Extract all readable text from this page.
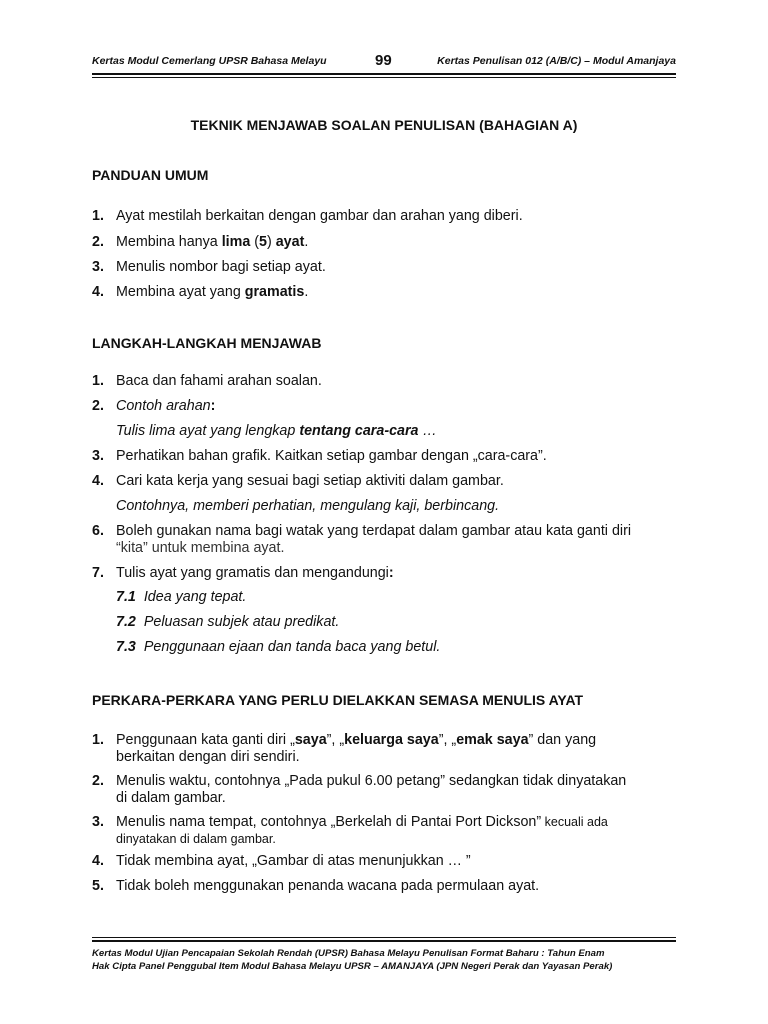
Kertas Modul Cemerlang UPSR Bahasa Melayu	99	Kertas Penulisan 012 (A/B/C) – Modul Amanjaya
TEKNIK MENJAWAB SOALAN PENULISAN (BAHAGIAN A)
PANDUAN UMUM
1. Ayat mestilah berkaitan dengan gambar dan arahan yang diberi.
2. Membina hanya lima (5) ayat.
3. Menulis nombor bagi setiap ayat.
4. Membina ayat yang gramatis.
LANGKAH-LANGKAH MENJAWAB
1. Baca dan fahami arahan soalan.
2. Contoh arahan:
Tulis lima ayat yang lengkap tentang cara-cara …
3. Perhatikan bahan grafik. Kaitkan setiap gambar dengan „cara-cara”.
4. Cari kata kerja yang sesuai bagi setiap aktiviti dalam gambar.
Contohnya, memberi perhatian, mengulang kaji, berbincang.
6. Boleh gunakan nama bagi watak yang terdapat dalam gambar atau kata ganti diri
“kita” untuk membina ayat.
7. Tulis ayat yang gramatis dan mengandungi:
7.1 Idea yang tepat.
7.2 Peluasan subjek atau predikat.
7.3 Penggunaan ejaan dan tanda baca yang betul.
PERKARA-PERKARA YANG PERLU DIELAKKAN SEMASA MENULIS AYAT
1. Penggunaan kata ganti diri „saya”, „keluarga saya”, „emak saya” dan yang
berkaitan dengan diri sendiri.
2. Menulis waktu, contohnya „Pada pukul 6.00 petang” sedangkan tidak dinyatakan
di dalam gambar.
3. Menulis nama tempat, contohnya „Berkelah di Pantai Port Dickson” kecuali ada
dinyatakan di dalam gambar.
4. Tidak membina ayat, „Gambar di atas menunjukkan … ”
5. Tidak boleh menggunakan penanda wacana pada permulaan ayat.
Kertas Modul Ujian Pencapaian Sekolah Rendah (UPSR) Bahasa Melayu Penulisan Format Baharu : Tahun Enam
Hak Cipta Panel Penggubal Item Modul Bahasa Melayu UPSR – AMANJAYA (JPN Negeri Perak dan Yayasan Perak)
